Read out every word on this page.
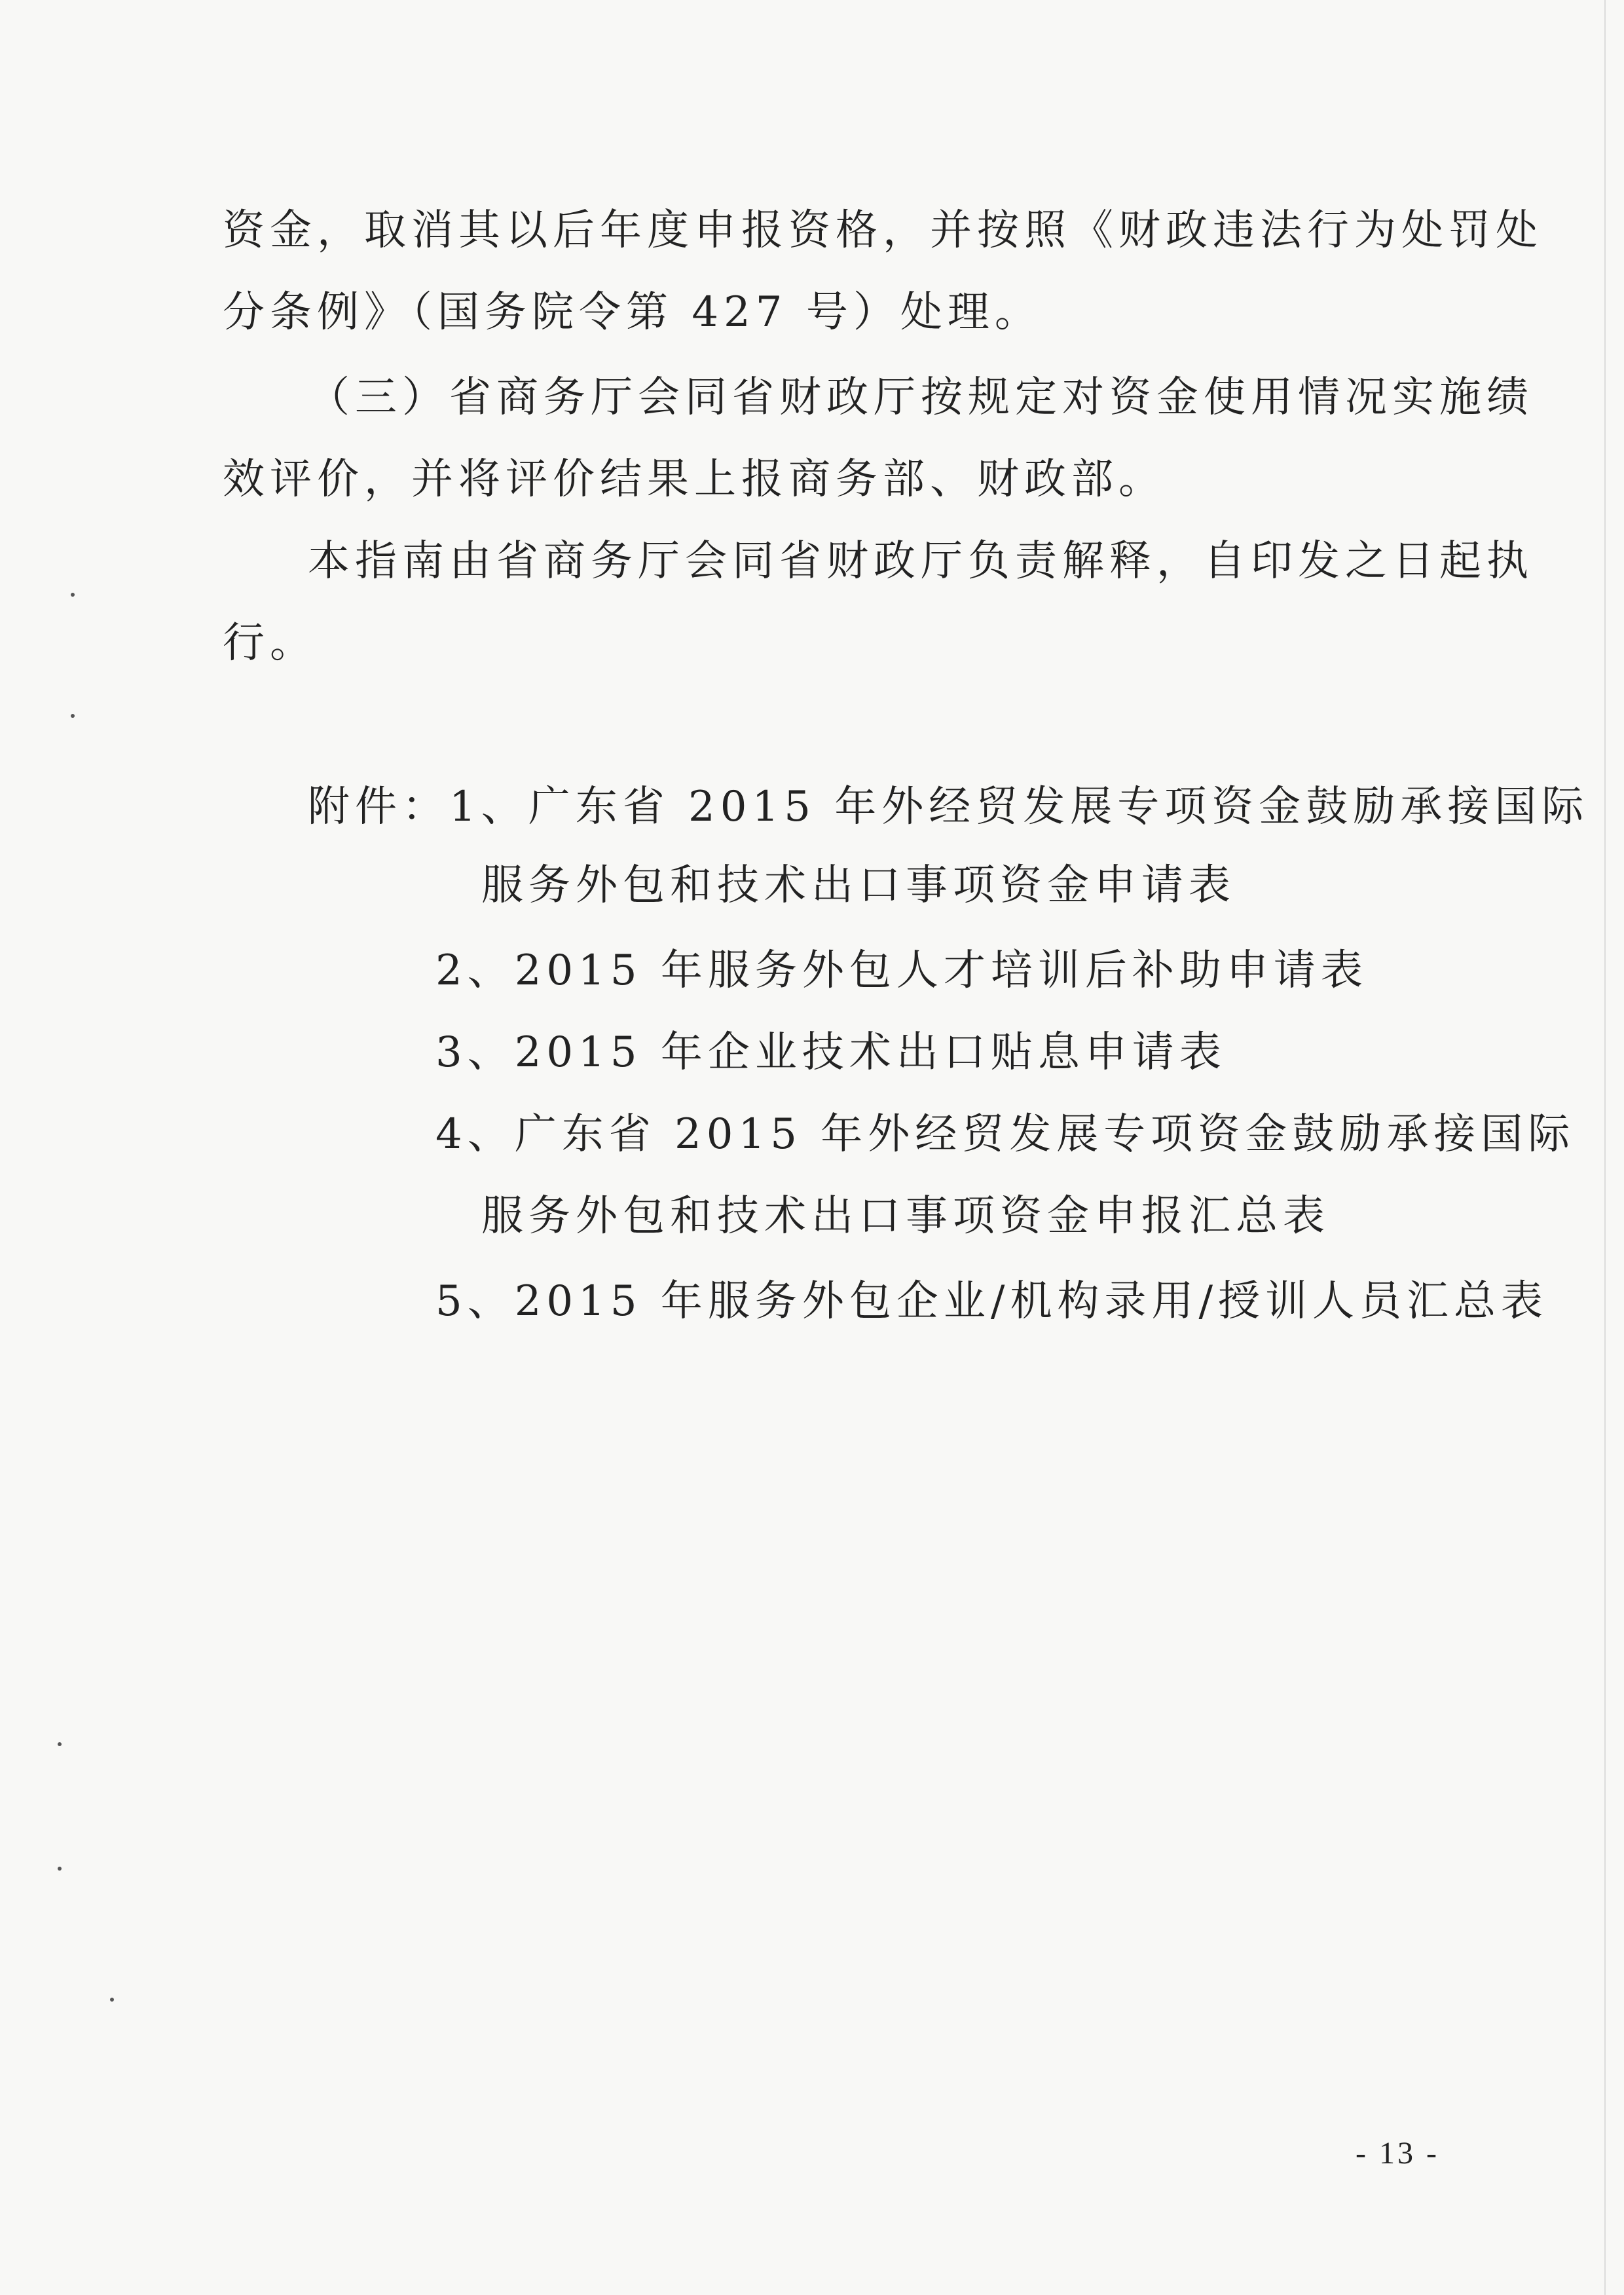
资金，取消其以后年度申报资格，并按照《财政违法行为处罚处
分条例》（国务院令第 427 号）处理。
（三）省商务厅会同省财政厅按规定对资金使用情况实施绩
效评价，并将评价结果上报商务部、财政部。
本指南由省商务厅会同省财政厅负责解释，自印发之日起执
行。
附件：1、广东省 2015 年外经贸发展专项资金鼓励承接国际
服务外包和技术出口事项资金申请表
2、2015 年服务外包人才培训后补助申请表
3、2015 年企业技术出口贴息申请表
4、广东省 2015 年外经贸发展专项资金鼓励承接国际
服务外包和技术出口事项资金申报汇总表
5、2015 年服务外包企业/机构录用/授训人员汇总表
- 13 -
